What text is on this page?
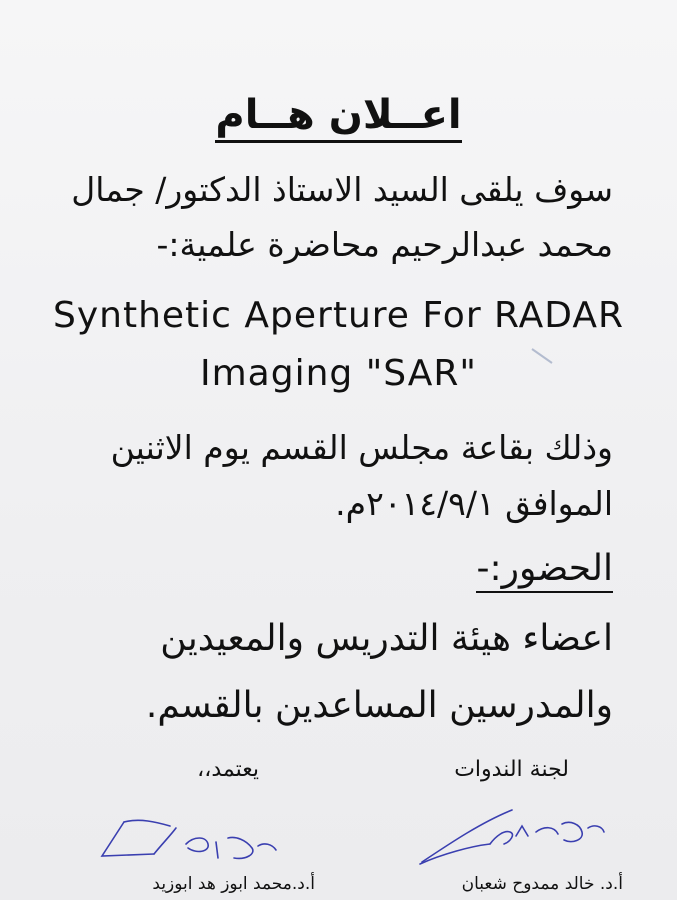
اعــلان هــام
سوف يلقى السيد الاستاذ الدكتور/ جمال
محمد عبدالرحيم محاضرة علمية:-
Synthetic Aperture For RADAR
Imaging "SAR"
وذلك بقاعة مجلس القسم يوم الاثنين
الموافق ٢٠١٤/٩/١م.
الحضور:-
اعضاء هيئة التدريس والمعيدين
والمدرسين المساعدين بالقسم.
لجنة الندوات
يعتمد،،
أ.د. خالد ممدوح شعبان
أ.د.محمد ابوز هد ابوزيد
